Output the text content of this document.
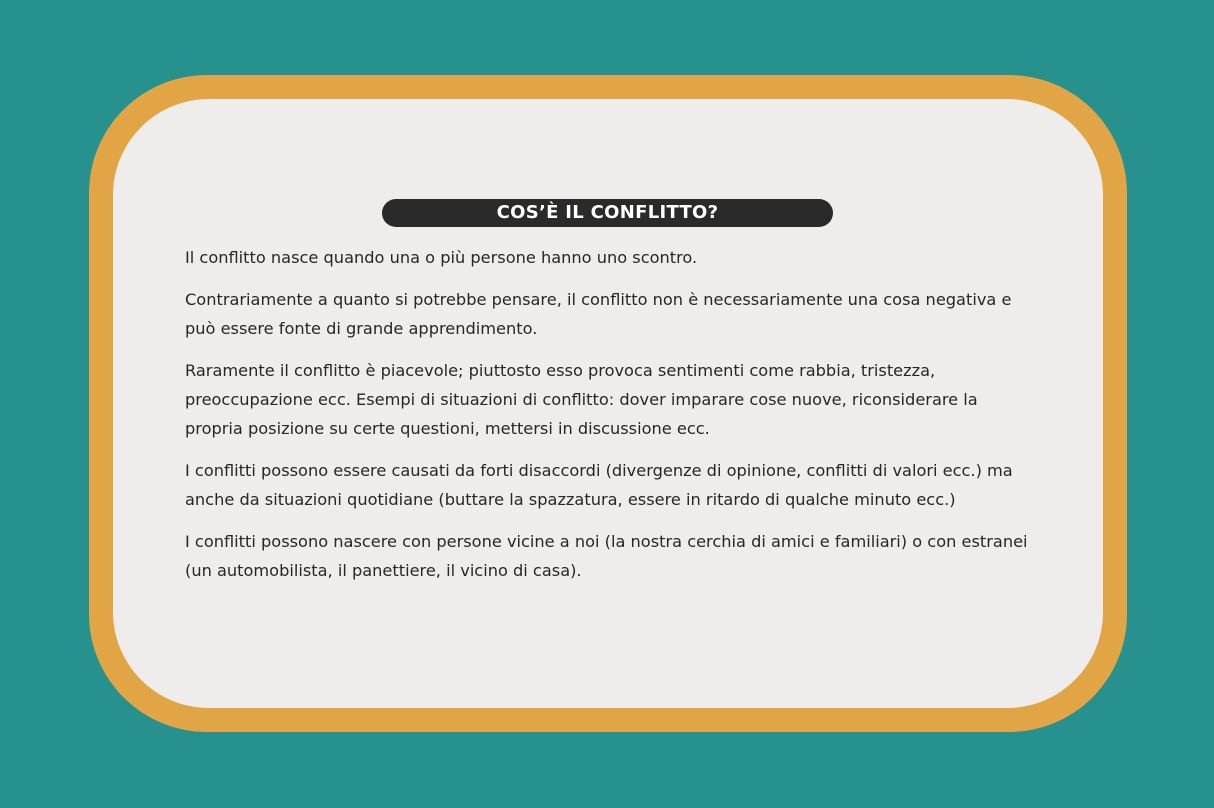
COS’È IL CONFLITTO?

Il conflitto nasce quando una o più persone hanno uno scontro.

Contrariamente a quanto si potrebbe pensare, il conflitto non è necessariamente una cosa negativa e può essere fonte di grande apprendimento.

Raramente il conflitto è piacevole; piuttosto esso provoca sentimenti come rabbia, tristezza, preoccupazione ecc. Esempi di situazioni di conflitto: dover imparare cose nuove, riconsiderare la propria posizione su certe questioni, mettersi in discussione ecc.

I conflitti possono essere causati da forti disaccordi (divergenze di opinione, conflitti di valori ecc.) ma anche da situazioni quotidiane (buttare la spazzatura, essere in ritardo di qualche minuto ecc.)

I conflitti possono nascere con persone vicine a noi (la nostra cerchia di amici e familiari) o con estranei (un automobilista, il panettiere, il vicino di casa).
